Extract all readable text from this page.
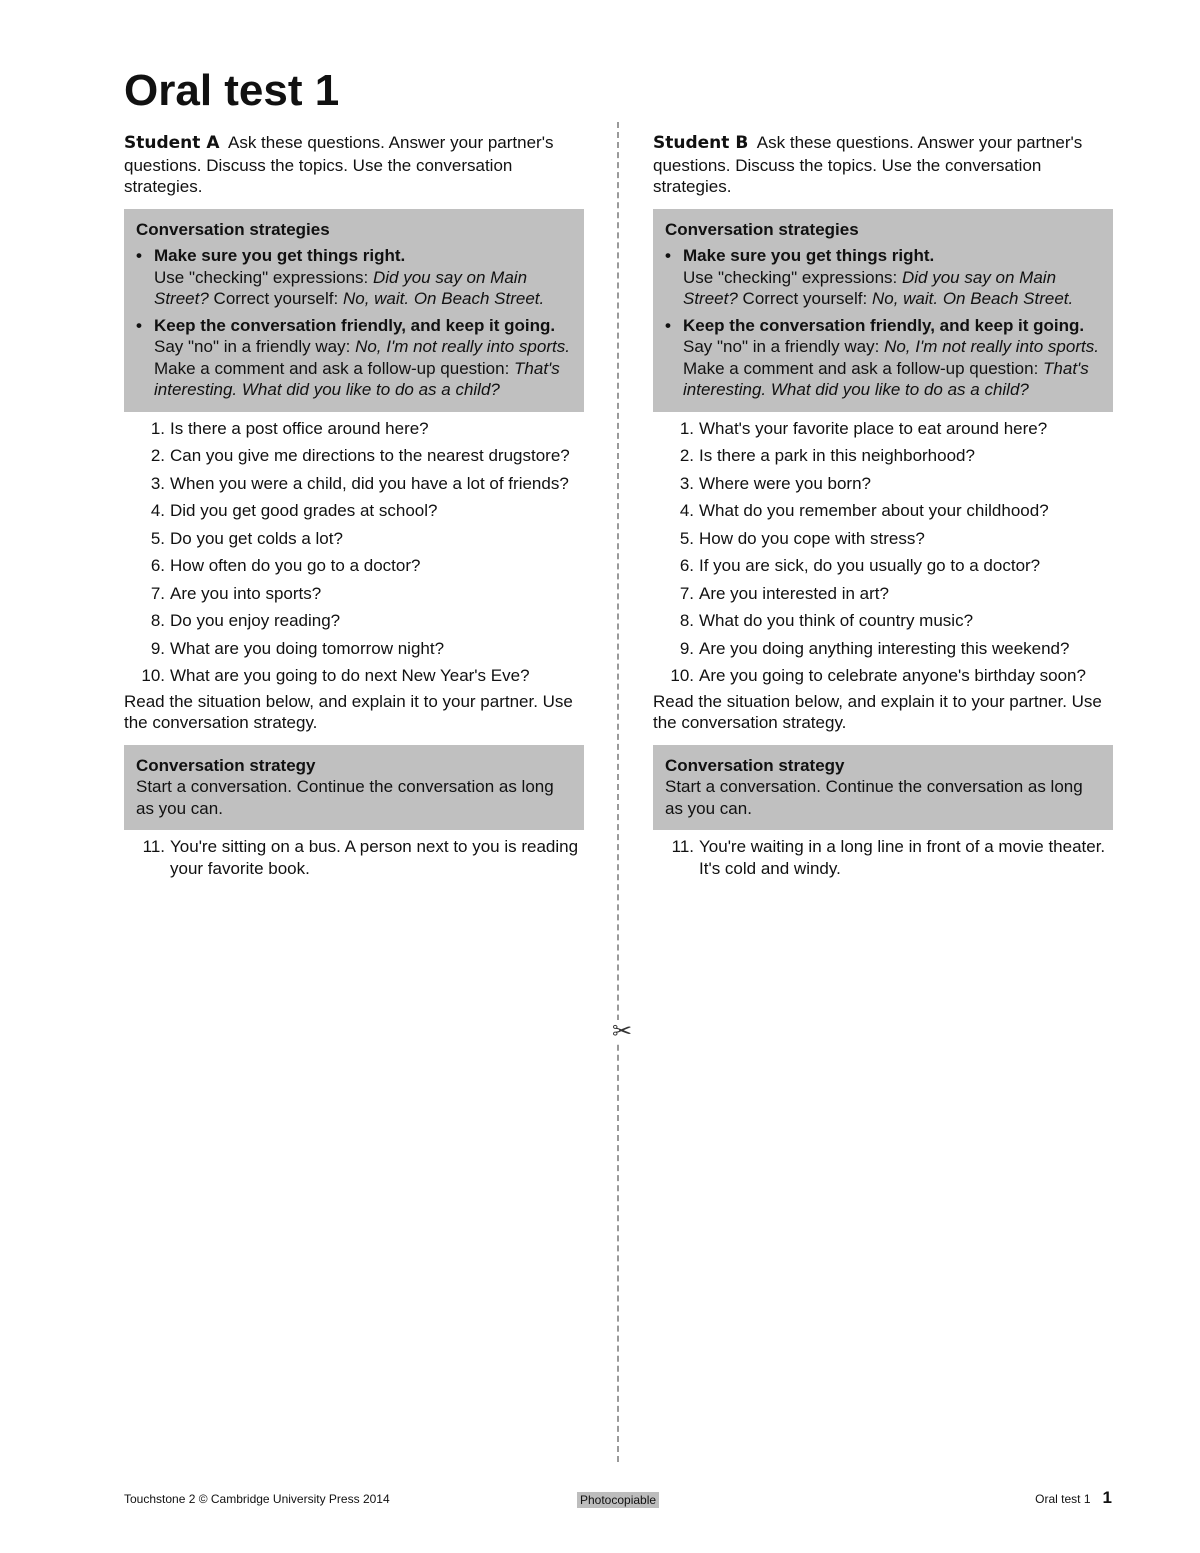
Oral test 1
✂

Student A Ask these questions. Answer your partner's questions. Discuss the topics. Use the conversation strategies.

Conversation strategies
• Make sure you get things right.
Use "checking" expressions: Did you say on Main Street? Correct yourself: No, wait. On Beach Street.
• Keep the conversation friendly, and keep it going.
Say "no" in a friendly way: No, I'm not really into sports. Make a comment and ask a follow-up question: That's interesting. What did you like to do as a child?
1. Is there a post office around here?
2. Can you give me directions to the nearest drugstore?
3. When you were a child, did you have a lot of friends?
4. Did you get good grades at school?
5. Do you get colds a lot?
6. How often do you go to a doctor?
7. Are you into sports?
8. Do you enjoy reading?
9. What are you doing tomorrow night?
10. What are you going to do next New Year's Eve?

Read the situation below, and explain it to your partner. Use the conversation strategy.

Conversation strategy
Start a conversation. Continue the conversation as long as you can.
11. You're sitting on a bus. A person next to you is reading your favorite book.

Student B Ask these questions. Answer your partner's questions. Discuss the topics. Use the conversation strategies.

Conversation strategies
• Make sure you get things right.
Use "checking" expressions: Did you say on Main Street? Correct yourself: No, wait. On Beach Street.
• Keep the conversation friendly, and keep it going.
Say "no" in a friendly way: No, I'm not really into sports. Make a comment and ask a follow-up question: That's interesting. What did you like to do as a child?
1. What's your favorite place to eat around here?
2. Is there a park in this neighborhood?
3. Where were you born?
4. What do you remember about your childhood?
5. How do you cope with stress?
6. If you are sick, do you usually go to a doctor?
7. Are you interested in art?
8. What do you think of country music?
9. Are you doing anything interesting this weekend?
10. Are you going to celebrate anyone's birthday soon?

Read the situation below, and explain it to your partner. Use the conversation strategy.

Conversation strategy
Start a conversation. Continue the conversation as long as you can.
11. You're waiting in a long line in front of a movie theater. It's cold and windy.
Touchstone 2 © Cambridge University Press 2014	Photocopiable	Oral test 1 1
